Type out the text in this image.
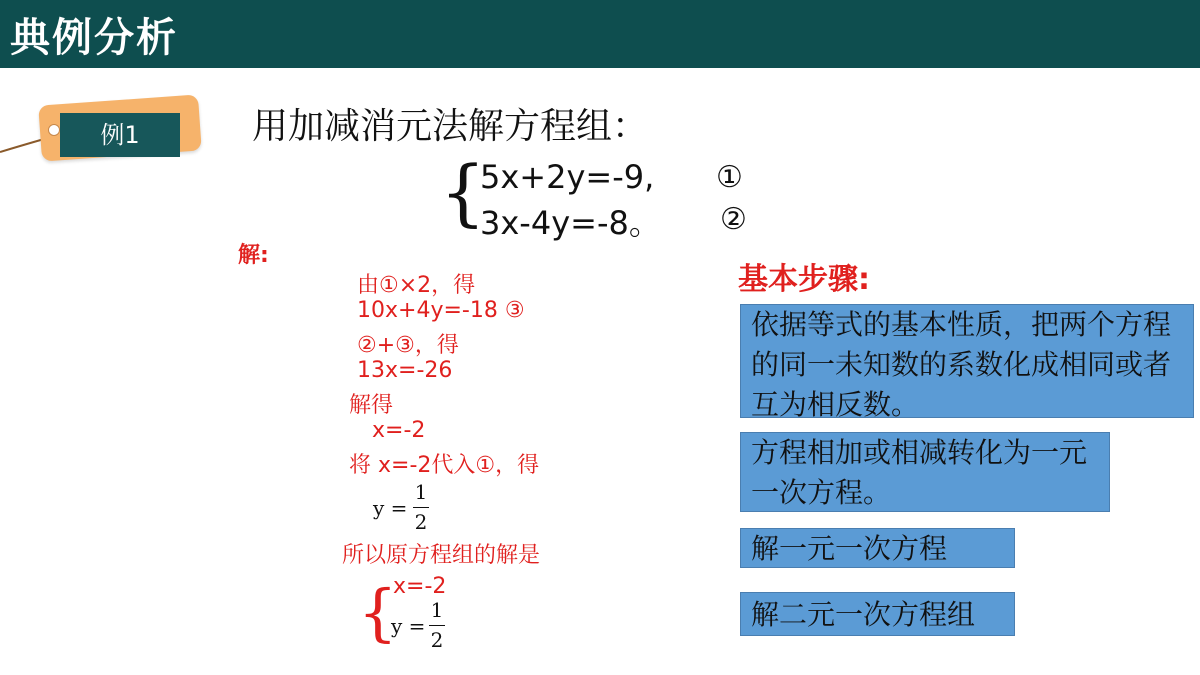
典例分析
例1	用加减消元法解方程组：
{
5x+2y=-9,
3x-4y=-8。
①
②
解:
由①×2，得
10x+4y=-18 ③
②+③，得
13x=-26
解得
x=-2
将 x=-2代入①，得
y =
1
2
所以原方程组的解是
{
x=-2
y =
1
2
基本步骤:
依据等式的基本性质，把两个方程的同一未知数的系数化成相同或者互为相反数。
方程相加或相减转化为一元一次方程。
解一元一次方程
解二元一次方程组
